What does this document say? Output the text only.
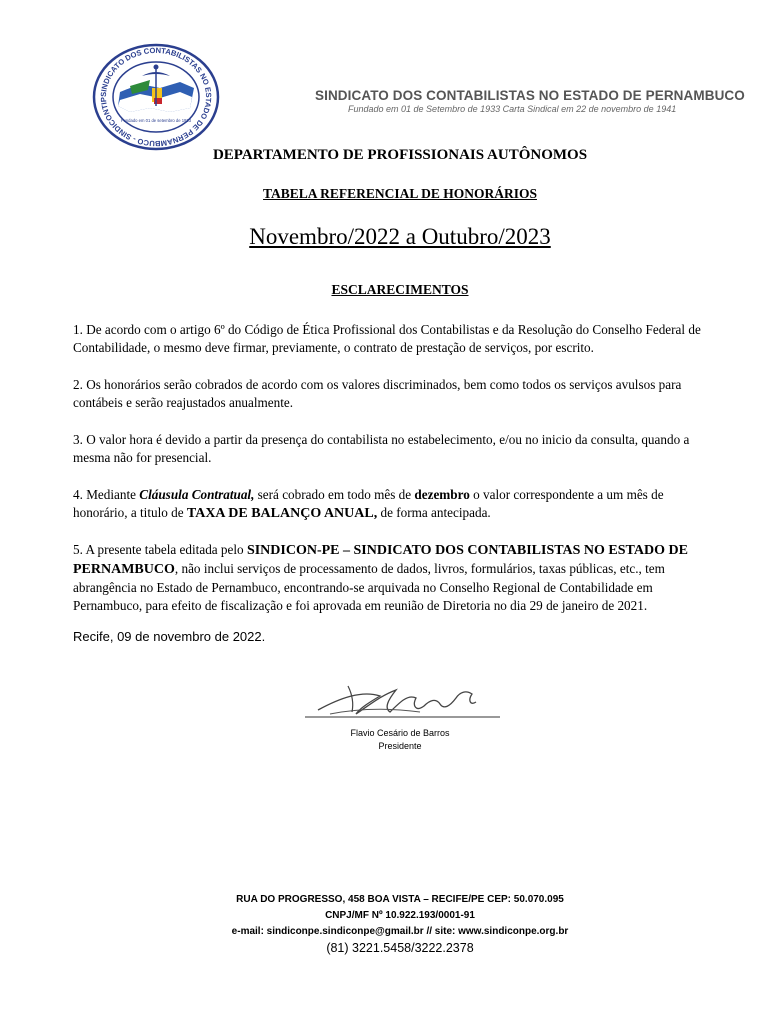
SINDICATO DOS CONTABILISTAS NO ESTADO DE PERNAMBUCO - SINDICONTIP
Fundado em 01 de setembro de 1933
SINDICATO DOS CONTABILISTAS NO ESTADO DE PERNAMBUCO
Fundado em 01 de Setembro de 1933 Carta Sindical em 22 de novembro de 1941
DEPARTAMENTO DE PROFISSIONAIS AUTÔNOMOS
TABELA REFERENCIAL DE HONORÁRIOS
Novembro/2022 a Outubro/2023
ESCLARECIMENTOS
1. De acordo com o artigo 6º do Código de Ética Profissional dos Contabilistas e da Resolução do Conselho Federal de Contabilidade, o mesmo deve firmar, previamente, o contrato de prestação de serviços, por escrito.
2. Os honorários serão cobrados de acordo com os valores discriminados, bem como todos os serviços avulsos para contábeis e serão reajustados anualmente.
3. O valor hora é devido a partir da presença do contabilista no estabelecimento, e/ou no inicio da consulta, quando a mesma não for presencial.
4. Mediante Cláusula Contratual, será cobrado em todo mês de dezembro o valor correspondente a um mês de honorário, a titulo de TAXA DE BALANÇO ANUAL, de forma antecipada.
5. A presente tabela editada pelo SINDICON-PE – SINDICATO DOS CONTABILISTAS NO ESTADO DE PERNAMBUCO, não inclui serviços de processamento de dados, livros, formulários, taxas públicas, etc., tem abrangência no Estado de Pernambuco, encontrando-se arquivada no Conselho Regional de Contabilidade em Pernambuco, para efeito de fiscalização e foi aprovada em reunião de Diretoria no dia 29 de janeiro de 2021.
Recife, 09 de novembro de 2022.
Flavio Cesário de Barros
Presidente
RUA DO PROGRESSO, 458 BOA VISTA – RECIFE/PE CEP: 50.070.095
CNPJ/MF Nº 10.922.193/0001-91
e-mail: sindiconpe.sindiconpe@gmail.br // site: www.sindiconpe.org.br
(81) 3221.5458/3222.2378
